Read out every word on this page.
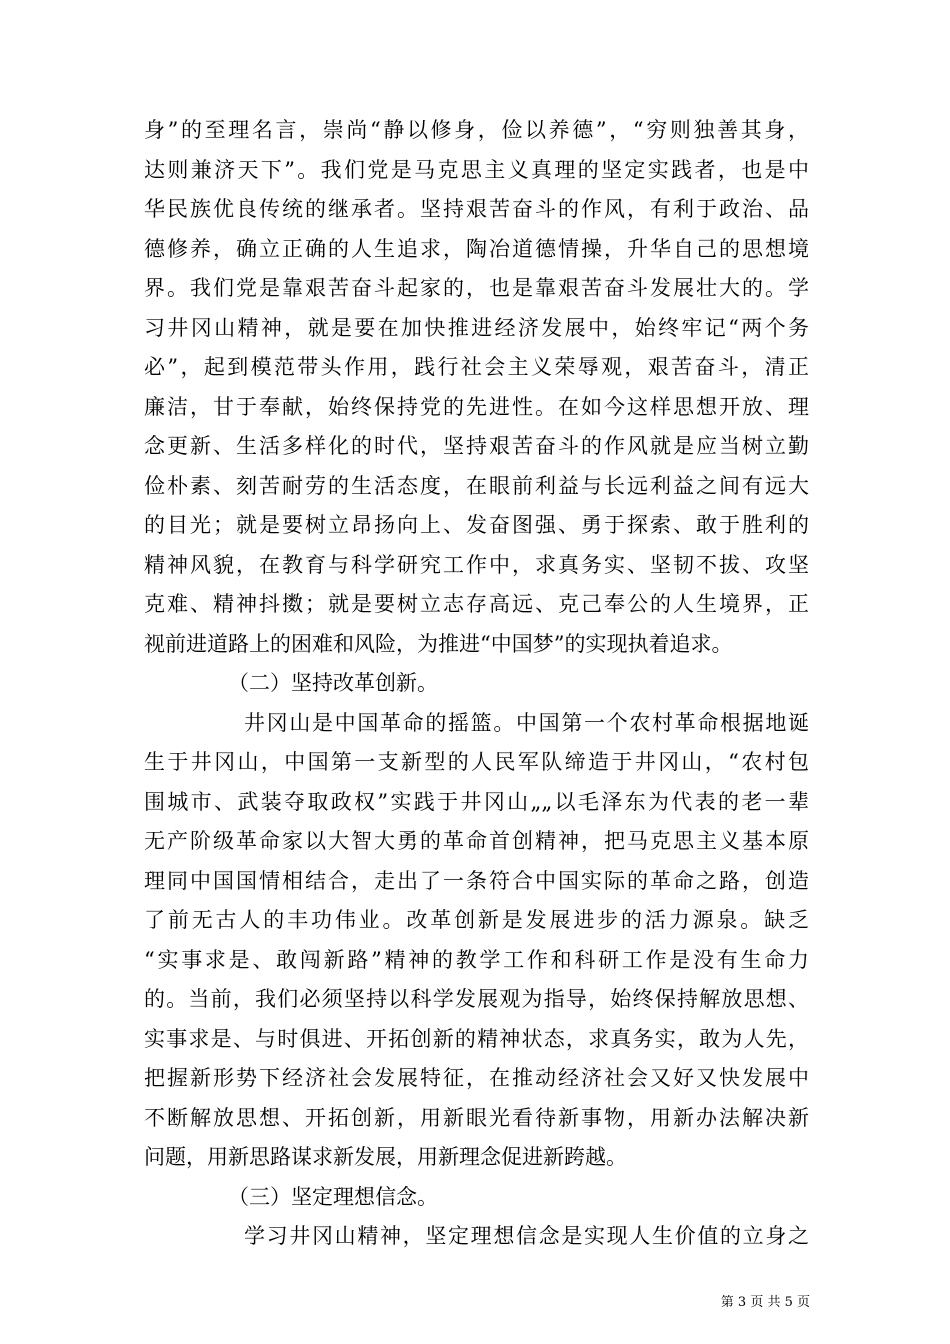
身”的至理名言，崇尚“静以修身，俭以养德”，“穷则独善其身，
达则兼济天下”。我们党是马克思主义真理的坚定实践者，也是中
华民族优良传统的继承者。坚持艰苦奋斗的作风，有利于政治、品
德修养，确立正确的人生追求，陶冶道德情操，升华自己的思想境
界。我们党是靠艰苦奋斗起家的，也是靠艰苦奋斗发展壮大的。学
习井冈山精神，就是要在加快推进经济发展中，始终牢记“两个务
必”，起到模范带头作用，践行社会主义荣辱观，艰苦奋斗，清正
廉洁，甘于奉献，始终保持党的先进性。在如今这样思想开放、理
念更新、生活多样化的时代，坚持艰苦奋斗的作风就是应当树立勤
俭朴素、刻苦耐劳的生活态度，在眼前利益与长远利益之间有远大
的目光；就是要树立昂扬向上、发奋图强、勇于探索、敢于胜利的
精神风貌，在教育与科学研究工作中，求真务实、坚韧不拔、攻坚
克难、精神抖擞；就是要树立志存高远、克己奉公的人生境界，正
视前进道路上的困难和风险，为推进“中国梦”的实现执着追求。
（二）坚持改革创新。
井冈山是中国革命的摇篮。中国第一个农村革命根据地诞
生于井冈山，中国第一支新型的人民军队缔造于井冈山，“农村包
围城市、武装夺取政权”实践于井冈山„„以毛泽东为代表的老一辈
无产阶级革命家以大智大勇的革命首创精神，把马克思主义基本原
理同中国国情相结合，走出了一条符合中国实际的革命之路，创造
了前无古人的丰功伟业。改革创新是发展进步的活力源泉。缺乏
“实事求是、敢闯新路”精神的教学工作和科研工作是没有生命力
的。当前，我们必须坚持以科学发展观为指导，始终保持解放思想、
实事求是、与时俱进、开拓创新的精神状态，求真务实，敢为人先，
把握新形势下经济社会发展特征，在推动经济社会又好又快发展中
不断解放思想、开拓创新，用新眼光看待新事物，用新办法解决新
问题，用新思路谋求新发展，用新理念促进新跨越。
（三）坚定理想信念。
学习井冈山精神，坚定理想信念是实现人生价值的立身之
第 3 页 共 5 页
